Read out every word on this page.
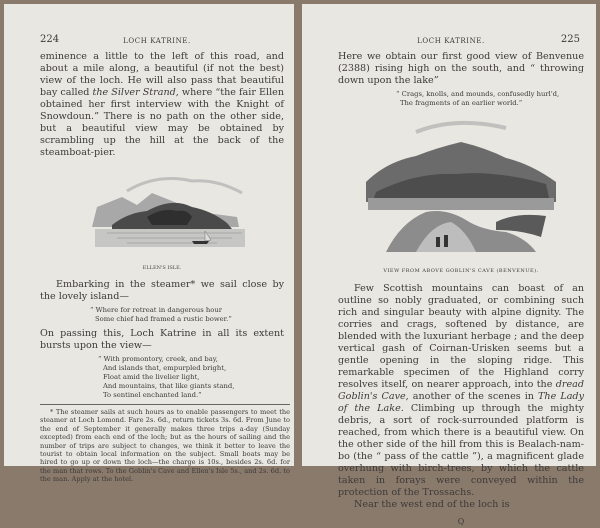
224	LOCH KATRINE.

eminence a little to the left of this road, and about a mile along, a beautiful (if not the best) view of the loch. He will also pass that beautiful bay called the Silver Strand, where “the fair Ellen obtained her first interview with the Knight of Snowdoun.” There is no path on the other side, but a beautiful view may be obtained by scrambling up the hill at the back of the steamboat-pier.

ELLEN'S ISLE.

Embarking in the steamer* we sail close by the lovely island—

“ Where for retreat in dangerous hour
Some chief had framed a rustic bower.”

On passing this, Loch Katrine in all its extent bursts upon the view—

“ With promontory, creek, and bay,
And islands that, empurpled bright,
Float amid the livelier light,
And mountains, that like giants stand,
To sentinel enchanted land.”

* The steamer sails at such hours as to enable passengers to meet the steamer at Loch Lomond. Fare 2s. 6d., return tickets 3s. 6d. From June to the end of September it generally makes three trips a-day (Sunday excepted) from each end of the loch; but as the hours of sailing and the number of trips are subject to changes, we think it better to leave the tourist to obtain local information on the subject. Small boats may be hired to go up or down the loch—the charge is 10s., besides 2s. 6d. for the man that rows. To the Goblin's Cave and Ellen's Isle 5s., and 2s. 6d. to the man. Apply at the hotel.

LOCH KATRINE.	225

Here we obtain our first good view of Benvenue (2388) rising high on the south, and “ throwing down upon the lake”

“ Crags, knolls, and mounds, confusedly hurl'd,
The fragments of an earlier world.”
VIEW FROM ABOVE GOBLIN'S CAVE (BENVENUE).

Few Scottish mountains can boast of an outline so nobly graduated, or combining such rich and singular beauty with alpine dignity. The corries and crags, softened by distance, are blended with the luxuriant herbage ; and the deep vertical gash of Coirnan-Urisken seems but a gentle opening in the sloping ridge. This remarkable specimen of the Highland corry resolves itself, on nearer approach, into the dread Goblin's Cave, another of the scenes in The Lady of the Lake. Climbing up through the mighty debris, a sort of rock-surrounded platform is reached, from which there is a beautiful view. On the other side of the hill from this is Bealach-nam-bo (the “ pass of the cattle ”), a magnificent glade overhung with birch-trees, by which the cattle taken in forays were conveyed within the protection of the Trossachs.

Near the west end of the loch is

Q
